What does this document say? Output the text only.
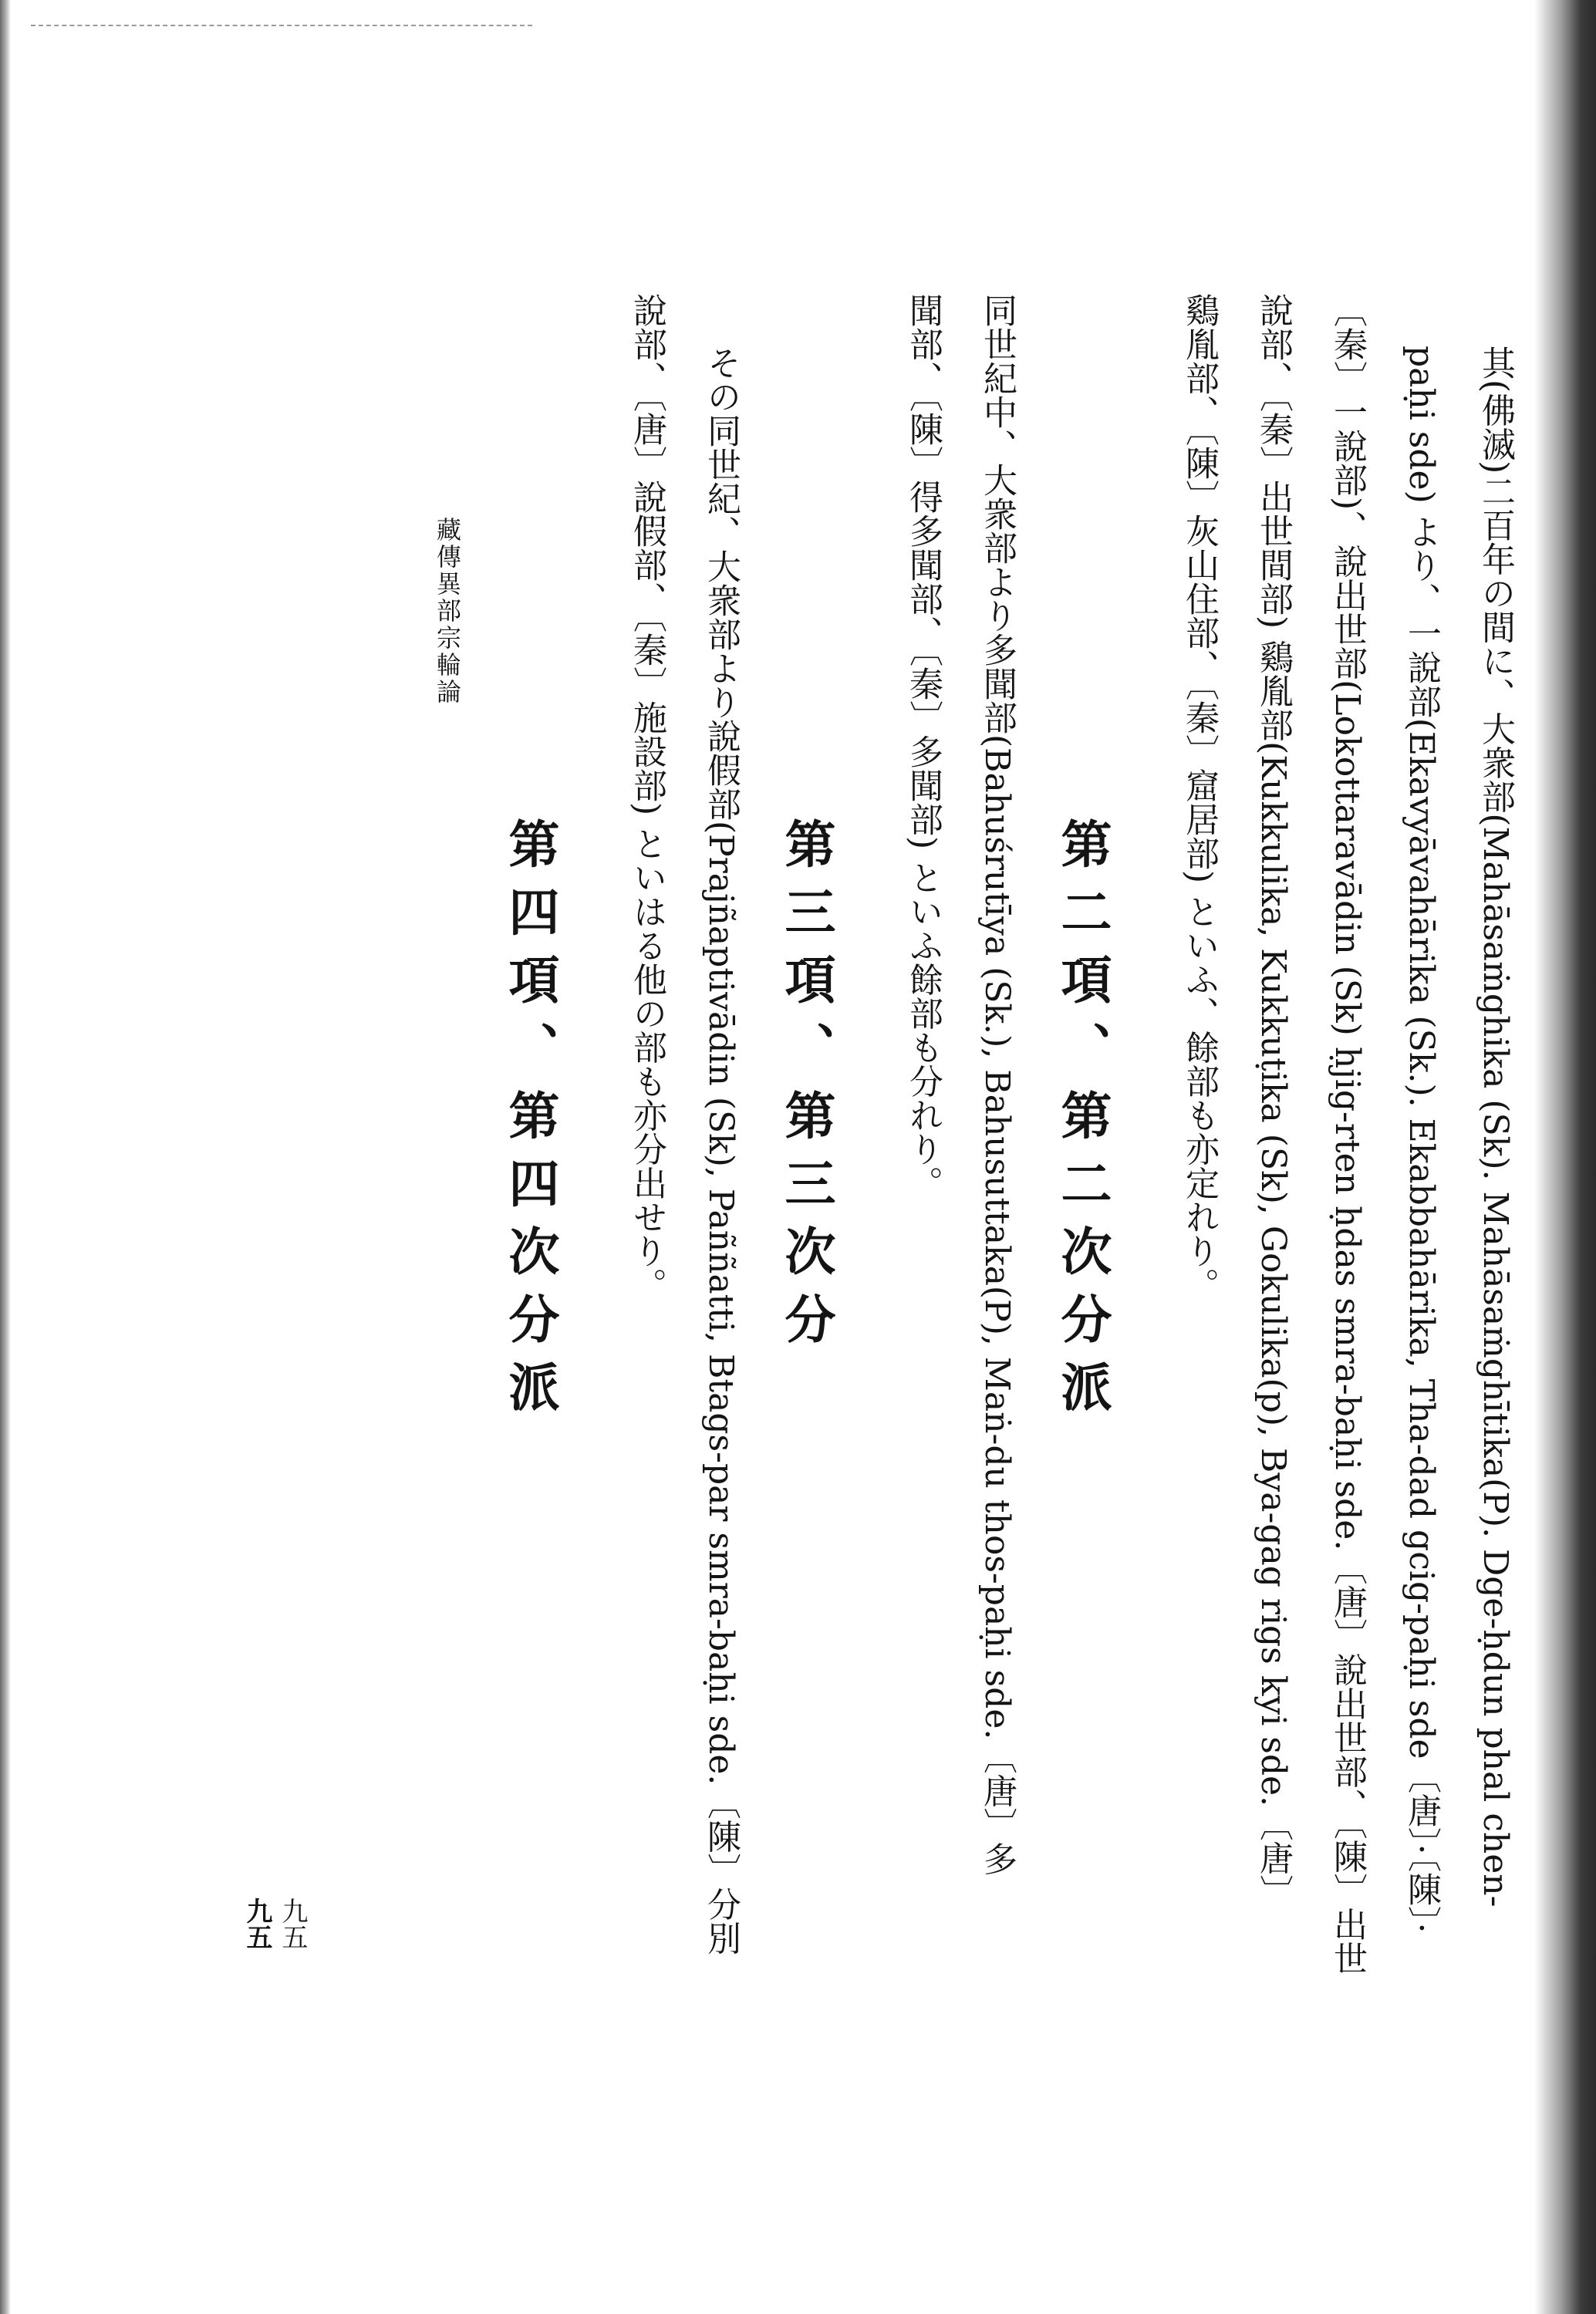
其(佛滅)二百年の間に、大衆部(Mahāsaṁghika (Sk). Mahāsaṁghītika(P). Dge-ḥdun phal chen-

paḥi sde) より、一說部(Ekavyāvahārika (Sk.). Ekabbahārika, Tha-dad gcig-paḥi sde〔唐〕·〔陳〕·

〔秦〕一說部)、說出世部(Lokottaravādin (Sk) ḥjig-rten ḥdas smra-baḥi sde.〔唐〕說出世部、〔陳〕出世

說部、〔秦〕出世間部) 鷄胤部(Kukkulika, Kukkuṭika (Sk), Gokulika(p), Bya-gag rigs kyi sde.〔唐〕

鷄胤部、〔陳〕灰山住部、〔秦〕窟居部) といふ、餘部も亦定れり。

第二項、第二次分派

同世紀中、大衆部より多聞部(Bahuśrutīya (Sk.), Bahusuttaka(P), Maṅ-du thos-paḥi sde.〔唐〕多

聞部、〔陳〕得多聞部、〔秦〕多聞部) といふ餘部も分れり。

第三項、第三次分

その同世紀、大衆部より說假部(Prajñaptivādin (Sk), Paññatti, Btags-par smra-baḥi sde.〔陳〕分別

說部、〔唐〕說假部、〔秦〕施設部) といはる他の部も亦分出せり。

第四項、第四次分派
藏傳異部宗輪論
九五
九五
